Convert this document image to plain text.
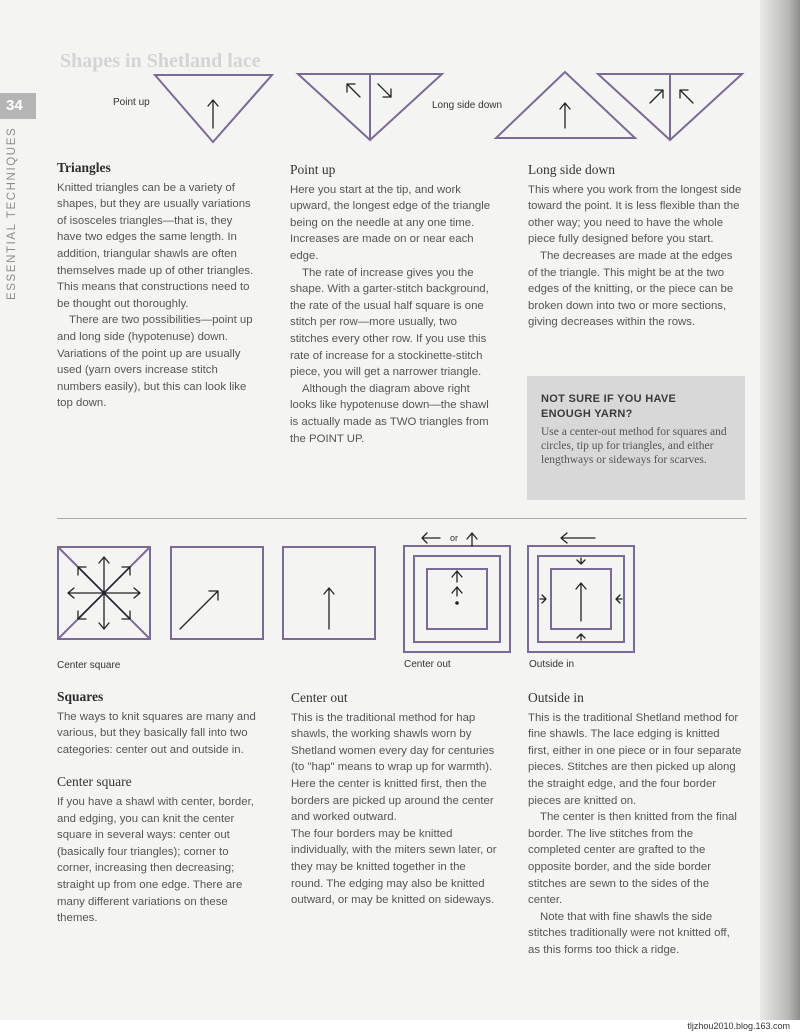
34
ESSENTIAL TECHNIQUES
Shapes in Shetland lace
Point up	Long side down
Triangles

Knitted triangles can be a variety of shapes, but they are usually variations of isosceles triangles—that is, they have two edges the same length. In addition, triangular shawls are often themselves made up of other triangles. This means that constructions need to be thought out thoroughly.

There are two possibilities—point up and long side (hypotenuse) down. Variations of the point up are usually used (yarn overs increase stitch numbers easily), but this can look like top down.

Point up

Here you start at the tip, and work upward, the longest edge of the triangle being on the needle at any one time. Increases are made on or near each edge.

The rate of increase gives you the shape. With a garter-stitch background, the rate of the usual half square is one stitch per row—more usually, two stitches every other row. If you use this rate of increase for a stockinette-stitch piece, you will get a narrower triangle.

Although the diagram above right looks like hypotenuse down—the shawl is actually made as TWO triangles from the POINT UP.

Long side down

This where you work from the longest side toward the point. It is less flexible than the other way; you need to have the whole piece fully designed before you start.

The decreases are made at the edges of the triangle. This might be at the two edges of the knitting, or the piece can be broken down into two or more sections, giving decreases within the rows.

NOT SURE IF YOU HAVE
ENOUGH YARN?
Use a center-out method for squares and circles, tip up for triangles, and either lengthways or sideways for scarves.
or
Center square	Center out	Outside in
Squares

The ways to knit squares are many and various, but they basically fall into two categories: center out and outside in.

Center square

If you have a shawl with center, border, and edging, you can knit the center square in several ways: center out (basically four triangles); corner to corner, increasing then decreasing; straight up from one edge. There are many different variations on these themes.

Center out

This is the traditional method for hap shawls, the working shawls worn by Shetland women every day for centuries (to "hap" means to wrap up for warmth). Here the center is knitted first, then the borders are picked up around the center and worked outward.

The four borders may be knitted individually, with the miters sewn later, or they may be knitted together in the round. The edging may also be knitted outward, or may be knitted on sideways.

Outside in

This is the traditional Shetland method for fine shawls. The lace edging is knitted first, either in one piece or in four separate pieces. Stitches are then picked up along the straight edge, and the four border pieces are knitted on.

The center is then knitted from the final border. The live stitches from the completed center are grafted to the opposite border, and the side border stitches are sewn to the sides of the center.

Note that with fine shawls the side stitches traditionally were not knitted off, as this forms too thick a ridge.

tljzhou2010.blog.163.com
